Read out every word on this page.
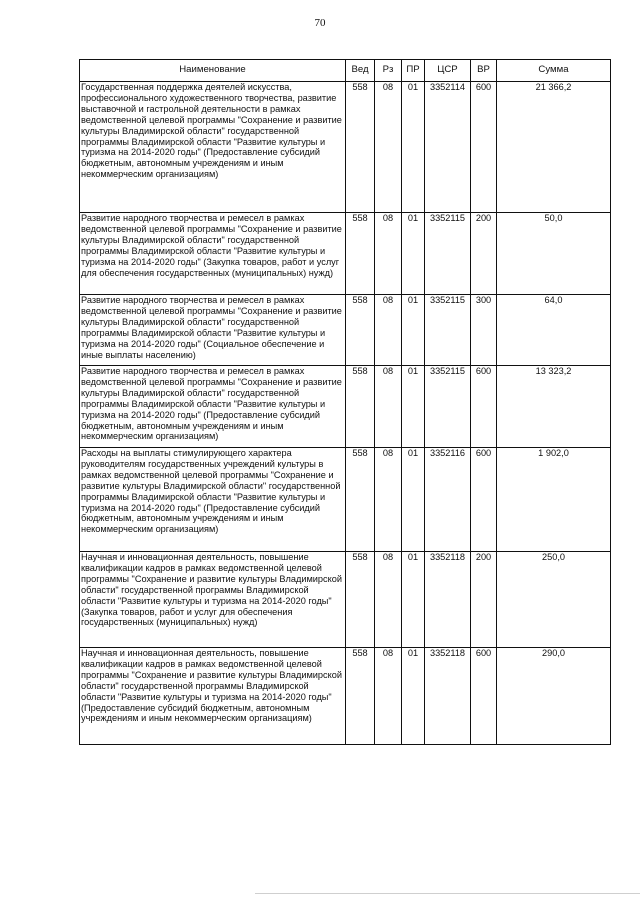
70
Наименование	Вед	Рз	ПР	ЦСР	ВР	Сумма
Государственная поддержка деятелей искусства, профессионального художественного творчества, развитие выставочной и гастрольной деятельности в рамках ведомственной целевой программы "Сохранение и развитие культуры Владимирской области" государственной программы Владимирской области "Развитие культуры и туризма на 2014-2020 годы" (Предоставление субсидий бюджетным, автономным учреждениям и иным некоммерческим организациям)	558	08	01	3352114	600	21 366,2
Развитие народного творчества и ремесел в рамках ведомственной целевой программы "Сохранение и развитие культуры Владимирской области" государственной программы Владимирской области "Развитие культуры и туризма на 2014-2020 годы" (Закупка товаров, работ и услуг для обеспечения государственных (муниципальных) нужд)	558	08	01	3352115	200	50,0
Развитие народного творчества и ремесел в рамках ведомственной целевой программы "Сохранение и развитие культуры Владимирской области" государственной программы Владимирской области "Развитие культуры и туризма на 2014-2020 годы" (Социальное обеспечение и иные выплаты населению)	558	08	01	3352115	300	64,0
Развитие народного творчества и ремесел в рамках ведомственной целевой программы "Сохранение и развитие культуры Владимирской области" государственной программы Владимирской области "Развитие культуры и туризма на 2014-2020 годы" (Предоставление субсидий бюджетным, автономным учреждениям и иным некоммерческим организациям)	558	08	01	3352115	600	13 323,2
Расходы на выплаты стимулирующего характера руководителям государственных учреждений культуры в рамках ведомственной целевой программы "Сохранение и развитие культуры Владимирской области" государственной программы Владимирской области "Развитие культуры и туризма на 2014-2020 годы" (Предоставление субсидий бюджетным, автономным учреждениям и иным некоммерческим организациям)	558	08	01	3352116	600	1 902,0
Научная и инновационная деятельность, повышение квалификации кадров в рамках ведомственной целевой программы "Сохранение и развитие культуры Владимирской области" государственной программы Владимирской области "Развитие культуры и туризма на 2014-2020 годы" (Закупка товаров, работ и услуг для обеспечения государственных (муниципальных) нужд)	558	08	01	3352118	200	250,0
Научная и инновационная деятельность, повышение квалификации кадров в рамках ведомственной целевой программы "Сохранение и развитие культуры Владимирской области" государственной программы Владимирской области "Развитие культуры и туризма на 2014-2020 годы" (Предоставление субсидий бюджетным, автономным учреждениям и иным некоммерческим организациям)	558	08	01	3352118	600	290,0
